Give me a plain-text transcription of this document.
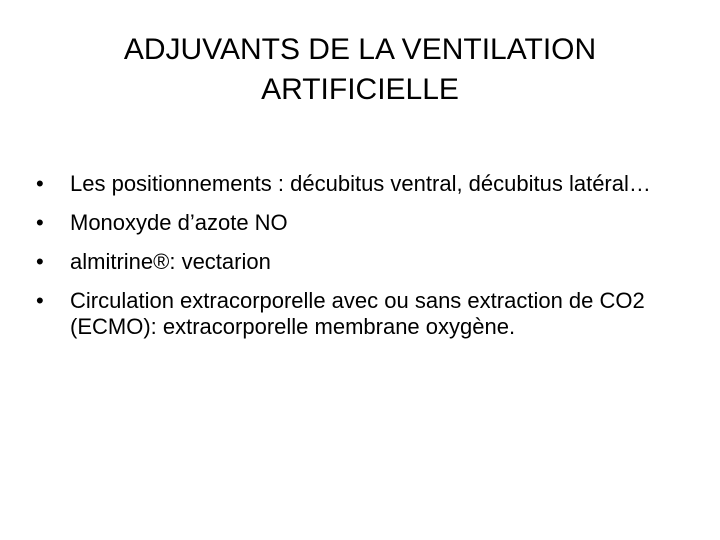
ADJUVANTS DE LA VENTILATION
ARTIFICIELLE
•	Les positionnements : décubitus ventral, décubitus latéral…
•	Monoxyde d’azote NO
•	almitrine®: vectarion
•	Circulation extracorporelle avec ou sans extraction de CO2 (ECMO): extracorporelle membrane oxygène.
